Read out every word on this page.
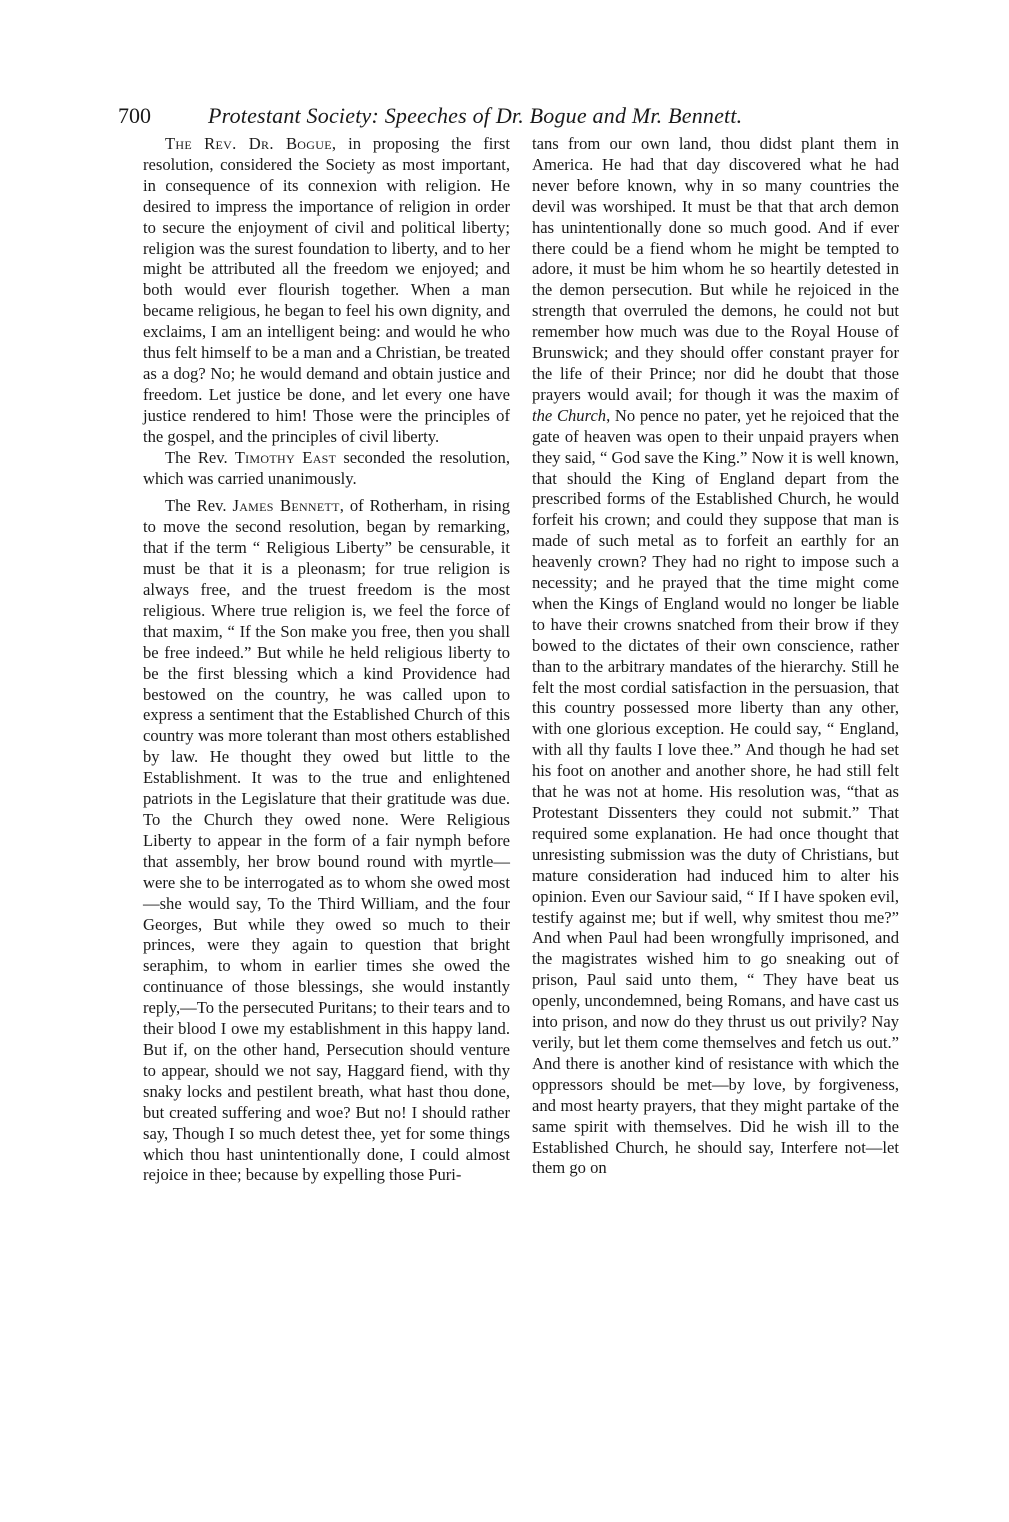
700	Protestant Society: Speeches of Dr. Bogue and Mr. Bennett.

The Rev. Dr. Bogue, in proposing the first resolution, considered the Society as most important, in consequence of its connexion with religion. He desired to impress the importance of religion in order to secure the enjoyment of civil and political liberty; religion was the surest foundation to liberty, and to her might be attributed all the freedom we enjoyed; and both would ever flourish together. When a man became religious, he began to feel his own dignity, and exclaims, I am an intelligent being: and would he who thus felt himself to be a man and a Christian, be treated as a dog? No; he would demand and obtain justice and freedom. Let justice be done, and let every one have justice rendered to him! Those were the principles of the gospel, and the principles of civil liberty.

The Rev. Timothy East seconded the resolution, which was carried unanimously.

The Rev. James Bennett, of Rotherham, in rising to move the second resolution, began by remarking, that if the term “ Religious Liberty” be censurable, it must be that it is a pleonasm; for true religion is always free, and the truest freedom is the most religious. Where true religion is, we feel the force of that maxim, “ If the Son make you free, then you shall be free indeed.” But while he held religious liberty to be the first blessing which a kind Providence had bestowed on the country, he was called upon to express a sentiment that the Established Church of this country was more tolerant than most others established by law. He thought they owed but little to the Establishment. It was to the true and enlightened patriots in the Legislature that their gratitude was due. To the Church they owed none. Were Religious Liberty to appear in the form of a fair nymph before that assembly, her brow bound round with myrtle—were she to be interrogated as to whom she owed most—she would say, To the Third William, and the four Georges, But while they owed so much to their princes, were they again to question that bright seraphim, to whom in earlier times she owed the continuance of those blessings, she would instantly reply,—To the persecuted Puritans; to their tears and to their blood I owe my establishment in this happy land. But if, on the other hand, Persecution should venture to appear, should we not say, Haggard fiend, with thy snaky locks and pestilent breath, what hast thou done, but created suffering and woe? But no! I should rather say, Though I so much detest thee, yet for some things which thou hast unintentionally done, I could almost rejoice in thee; because by expelling those Puri-

tans from our own land, thou didst plant them in America. He had that day discovered what he had never before known, why in so many countries the devil was worshiped. It must be that that arch demon has unintentionally done so much good. And if ever there could be a fiend whom he might be tempted to adore, it must be him whom he so heartily detested in the demon persecution. But while he rejoiced in the strength that overruled the demons, he could not but remember how much was due to the Royal House of Brunswick; and they should offer constant prayer for the life of their Prince; nor did he doubt that those prayers would avail; for though it was the maxim of the Church, No pence no pater, yet he rejoiced that the gate of heaven was open to their unpaid prayers when they said, “ God save the King.” Now it is well known, that should the King of England depart from the prescribed forms of the Established Church, he would forfeit his crown; and could they suppose that man is made of such metal as to forfeit an earthly for an heavenly crown? They had no right to impose such a necessity; and he prayed that the time might come when the Kings of England would no longer be liable to have their crowns snatched from their brow if they bowed to the dictates of their own conscience, rather than to the arbitrary mandates of the hierarchy. Still he felt the most cordial satisfaction in the persuasion, that this country possessed more liberty than any other, with one glorious exception. He could say, “ England, with all thy faults I love thee.” And though he had set his foot on another and another shore, he had still felt that he was not at home. His resolution was, “that as Protestant Dissenters they could not submit.” That required some explanation. He had once thought that unresisting submission was the duty of Christians, but mature consideration had induced him to alter his opinion. Even our Saviour said, “ If I have spoken evil, testify against me; but if well, why smitest thou me?” And when Paul had been wrongfully imprisoned, and the magistrates wished him to go sneaking out of prison, Paul said unto them, “ They have beat us openly, uncondemned, being Romans, and have cast us into prison, and now do they thrust us out privily? Nay verily, but let them come themselves and fetch us out.” And there is another kind of resistance with which the oppressors should be met—by love, by forgiveness, and most hearty prayers, that they might partake of the same spirit with themselves. Did he wish ill to the Established Church, he should say, Interfere not—let them go on
